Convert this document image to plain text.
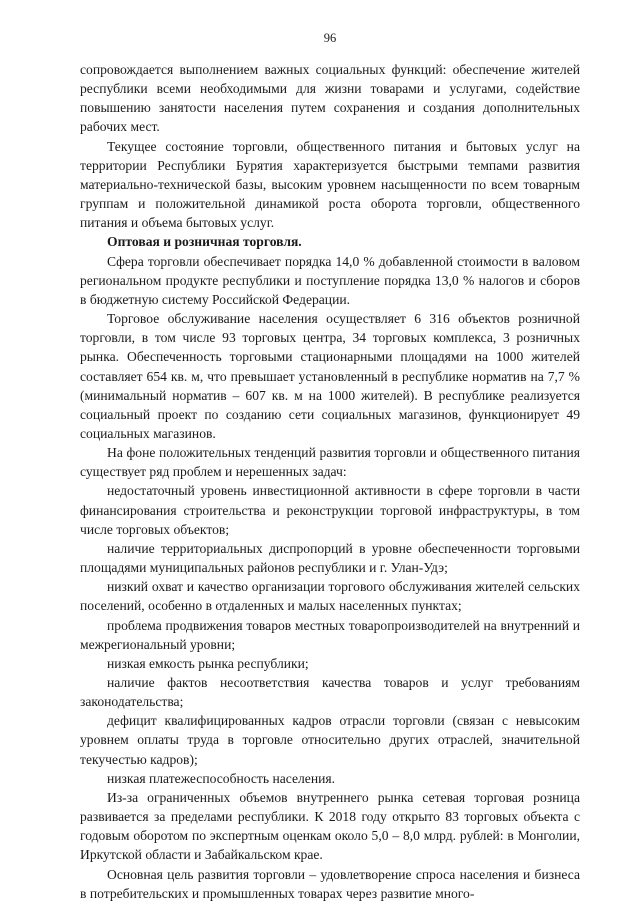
96

сопровождается выполнением важных социальных функций: обеспечение жителей республики всеми необходимыми для жизни товарами и услугами, содействие повышению занятости населения путем сохранения и создания дополнительных рабочих мест.

Текущее состояние торговли, общественного питания и бытовых услуг на территории Республики Бурятия характеризуется быстрыми темпами развития материально-технической базы, высоким уровнем насыщенности по всем товарным группам и положительной динамикой роста оборота торговли, общественного питания и объема бытовых услуг.

Оптовая и розничная торговля.

Сфера торговли обеспечивает порядка 14,0 % добавленной стоимости в валовом региональном продукте республики и поступление порядка 13,0 % налогов и сборов в бюджетную систему Российской Федерации.

Торговое обслуживание населения осуществляет 6 316 объектов розничной торговли, в том числе 93 торговых центра, 34 торговых комплекса, 3 розничных рынка. Обеспеченность торговыми стационарными площадями на 1000 жителей составляет 654 кв. м, что превышает установленный в республике норматив на 7,7 % (минимальный норматив – 607 кв. м на 1000 жителей). В республике реализуется социальный проект по созданию сети социальных магазинов, функционирует 49 социальных магазинов.

На фоне положительных тенденций развития торговли и общественного питания существует ряд проблем и нерешенных задач:

недостаточный уровень инвестиционной активности в сфере торговли в части финансирования строительства и реконструкции торговой инфраструктуры, в том числе торговых объектов;

наличие территориальных диспропорций в уровне обеспеченности торговыми площадями муниципальных районов республики и г. Улан-Удэ;

низкий охват и качество организации торгового обслуживания жителей сельских поселений, особенно в отдаленных и малых населенных пунктах;

проблема продвижения товаров местных товаропроизводителей на внутренний и межрегиональный уровни;

низкая емкость рынка республики;

наличие фактов несоответствия качества товаров и услуг требованиям законодательства;

дефицит квалифицированных кадров отрасли торговли (связан с невысоким уровнем оплаты труда в торговле относительно других отраслей, значительной текучестью кадров);

низкая платежеспособность населения.

Из-за ограниченных объемов внутреннего рынка сетевая торговая розница развивается за пределами республики. К 2018 году открыто 83 торговых объекта с годовым оборотом по экспертным оценкам около 5,0 – 8,0 млрд. рублей: в Монголии, Иркутской области и Забайкальском крае.

Основная цель развития торговли – удовлетворение спроса населения и бизнеса в потребительских и промышленных товарах через развитие много-
